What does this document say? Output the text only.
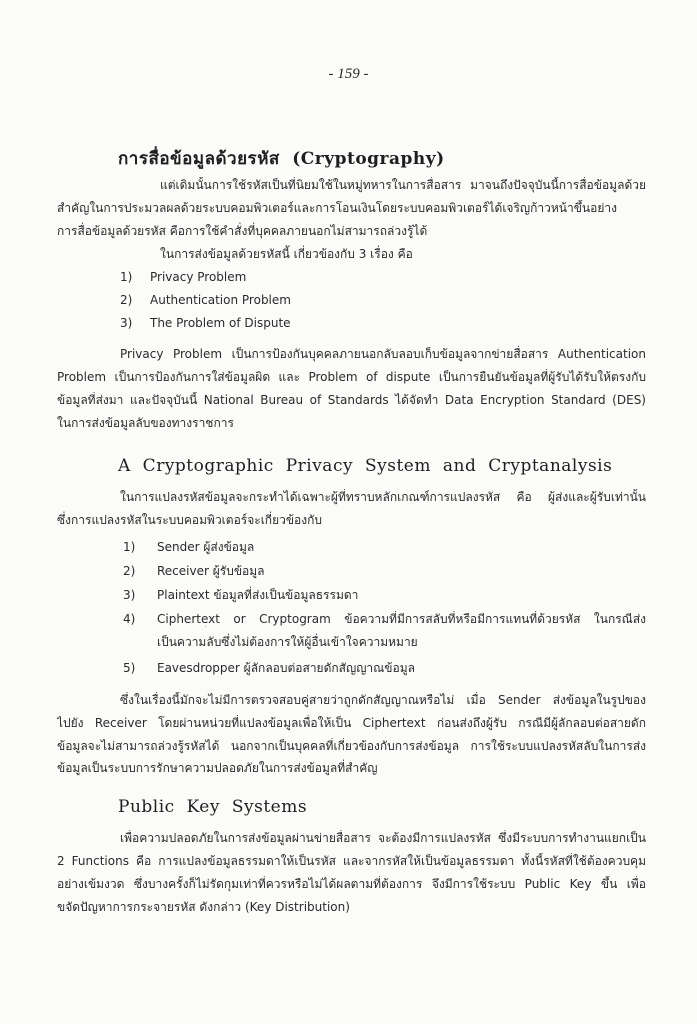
- 159 -
การสื่อข้อมูลด้วยรหัส (Cryptography)
แต่เดิมนั้นการใช้รหัสเป็นที่นิยมใช้ในหมู่ทหารในการสื่อสาร มาจนถึงปัจจุบันนี้การสื่อข้อมูลด้วย
สำคัญในการประมวลผลด้วยระบบคอมพิวเตอร์และการโอนเงินโดยระบบคอมพิวเตอร์ได้เจริญก้าวหน้าขึ้นอย่าง
การสื่อข้อมูลด้วยรหัส คือการใช้คำสั่งที่บุคคลภายนอกไม่สามารถล่วงรู้ได้
ในการส่งข้อมูลด้วยรหัสนี้ เกี่ยวข้องกับ 3 เรื่อง คือ
1) Privacy Problem
2) Authentication Problem
3) The Problem of Dispute
Privacy Problem เป็นการป้องกันบุคคลภายนอกลับลอบเก็บข้อมูลจากข่ายสื่อสาร Authentication
Problem เป็นการป้องกันการใส่ข้อมูลผิด และ Problem of dispute เป็นการยืนยันข้อมูลที่ผู้รับได้รับให้ตรงกับ
ข้อมูลที่ส่งมา และปัจจุบันนี้ National Bureau of Standards ได้จัดทำ Data Encryption Standard (DES)
ในการส่งข้อมูลลับของทางราชการ
A Cryptographic Privacy System and Cryptanalysis
ในการแปลงรหัสข้อมูลจะกระทำได้เฉพาะผู้ที่ทราบหลักเกณฑ์การแปลงรหัส คือ ผู้ส่งและผู้รับเท่านั้น
ซึ่งการแปลงรหัสในระบบคอมพิวเตอร์จะเกี่ยวข้องกับ
1) Sender ผู้ส่งข้อมูล
2) Receiver ผู้รับข้อมูล
3) Plaintext ข้อมูลที่ส่งเป็นข้อมูลธรรมดา
4) Ciphertext or Cryptogram ข้อความที่มีการสลับที่หรือมีการแทนที่ด้วยรหัส ในกรณีส่ง
เป็นความลับซึ่งไม่ต้องการให้ผู้อื่นเข้าใจความหมาย
5) Eavesdropper ผู้ลักลอบต่อสายดักสัญญาณข้อมูล
ซึ่งในเรื่องนี้มักจะไม่มีการตรวจสอบคู่สายว่าถูกดักสัญญาณหรือไม่ เมื่อ Sender ส่งข้อมูลในรูปของ
ไปยัง Receiver โดยผ่านหน่วยที่แปลงข้อมูลเพื่อให้เป็น Ciphertext ก่อนส่งถึงผู้รับ กรณีมีผู้ลักลอบต่อสายดัก
ข้อมูลจะไม่สามารถล่วงรู้รหัสได้ นอกจากเป็นบุคคลที่เกี่ยวข้องกับการส่งข้อมูล การใช้ระบบแปลงรหัสลับในการส่ง
ข้อมูลเป็นระบบการรักษาความปลอดภัยในการส่งข้อมูลที่สำคัญ
Public Key Systems
เพื่อความปลอดภัยในการส่งข้อมูลผ่านข่ายสื่อสาร จะต้องมีการแปลงรหัส ซึ่งมีระบบการทำงานแยกเป็น
2 Functions คือ การแปลงข้อมูลธรรมดาให้เป็นรหัส และจากรหัสให้เป็นข้อมูลธรรมดา ทั้งนี้รหัสที่ใช้ต้องควบคุม
อย่างเข้มงวด ซึ่งบางครั้งก็ไม่รัดกุมเท่าที่ควรหรือไม่ได้ผลตามที่ต้องการ จึงมีการใช้ระบบ Public Key ขึ้น เพื่อ
ขจัดปัญหาการกระจายรหัส ดังกล่าว (Key Distribution)
